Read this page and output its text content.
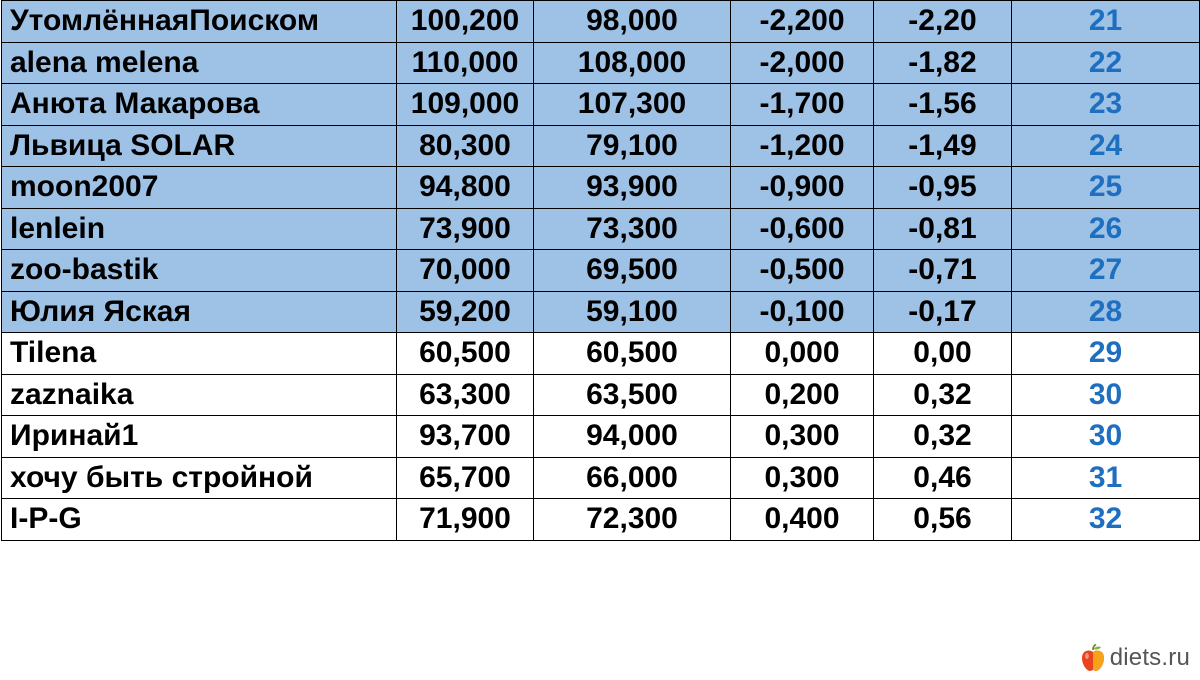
УтомлённаяПоиском	100,200	98,000	-2,200	-2,20	21
alena melena	110,000	108,000	-2,000	-1,82	22
Анюта Макарова	109,000	107,300	-1,700	-1,56	23
Львица SOLAR	80,300	79,100	-1,200	-1,49	24
moon2007	94,800	93,900	-0,900	-0,95	25
lenlein	73,900	73,300	-0,600	-0,81	26
zoo-bastik	70,000	69,500	-0,500	-0,71	27
Юлия Яская	59,200	59,100	-0,100	-0,17	28
Tilena	60,500	60,500	0,000	0,00	29
zaznaika	63,300	63,500	0,200	0,32	30
Иринай1	93,700	94,000	0,300	0,32	30
хочу быть стройной	65,700	66,000	0,300	0,46	31
I-P-G	71,900	72,300	0,400	0,56	32
diets.ru
